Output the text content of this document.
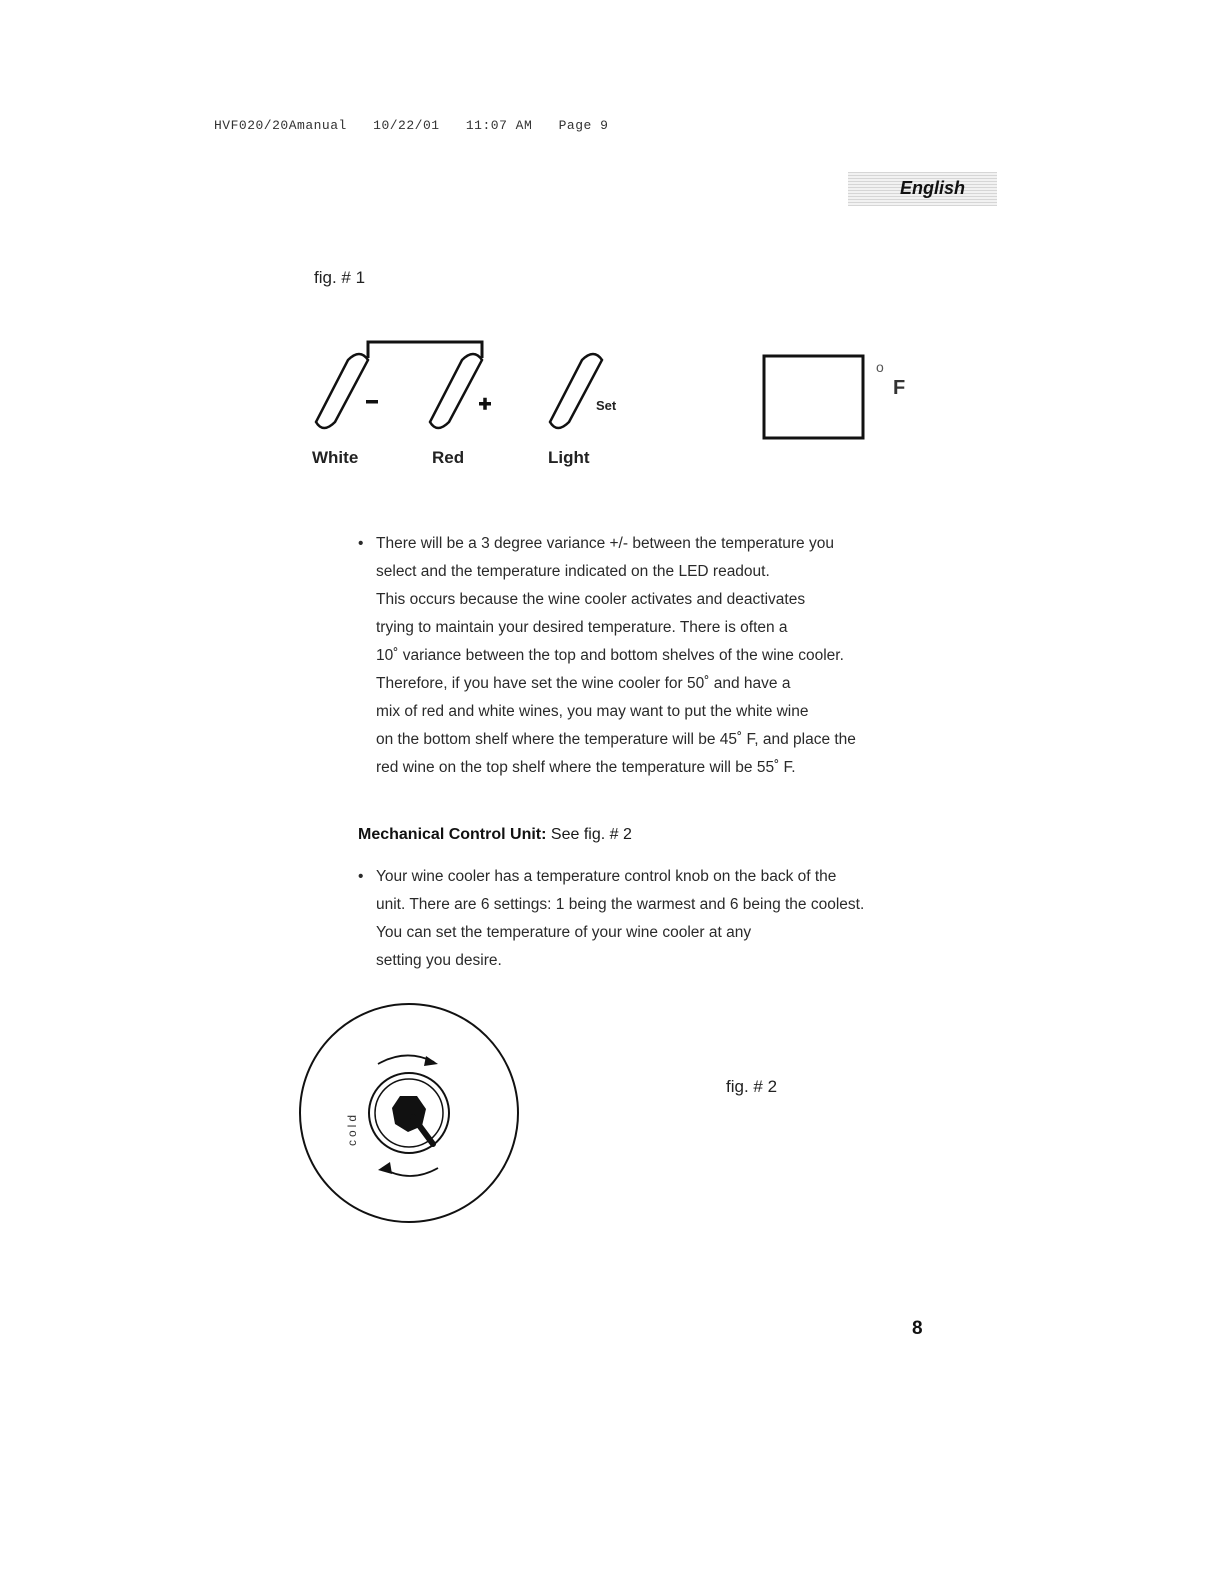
HVF020/20Amanual 10/22/01 11:07 AM Page 9
English
fig. # 1
White	Red
Set
Light
o
F
• There will be a 3 degree variance +/- between the temperature you
select and the temperature indicated on the LED readout.
This occurs because the wine cooler activates and deactivates
trying to maintain your desired temperature. There is often a
10˚ variance between the top and bottom shelves of the wine cooler.
Therefore, if you have set the wine cooler for 50˚ and have a
mix of red and white wines, you may want to put the white wine
on the bottom shelf where the temperature will be 45˚ F, and place the
red wine on the top shelf where the temperature will be 55˚ F.
Mechanical Control Unit: See fig. # 2
• Your wine cooler has a temperature control knob on the back of the
unit. There are 6 settings: 1 being the warmest and 6 being the coolest.
You can set the temperature of your wine cooler at any
setting you desire.
cold
fig. # 2
8
